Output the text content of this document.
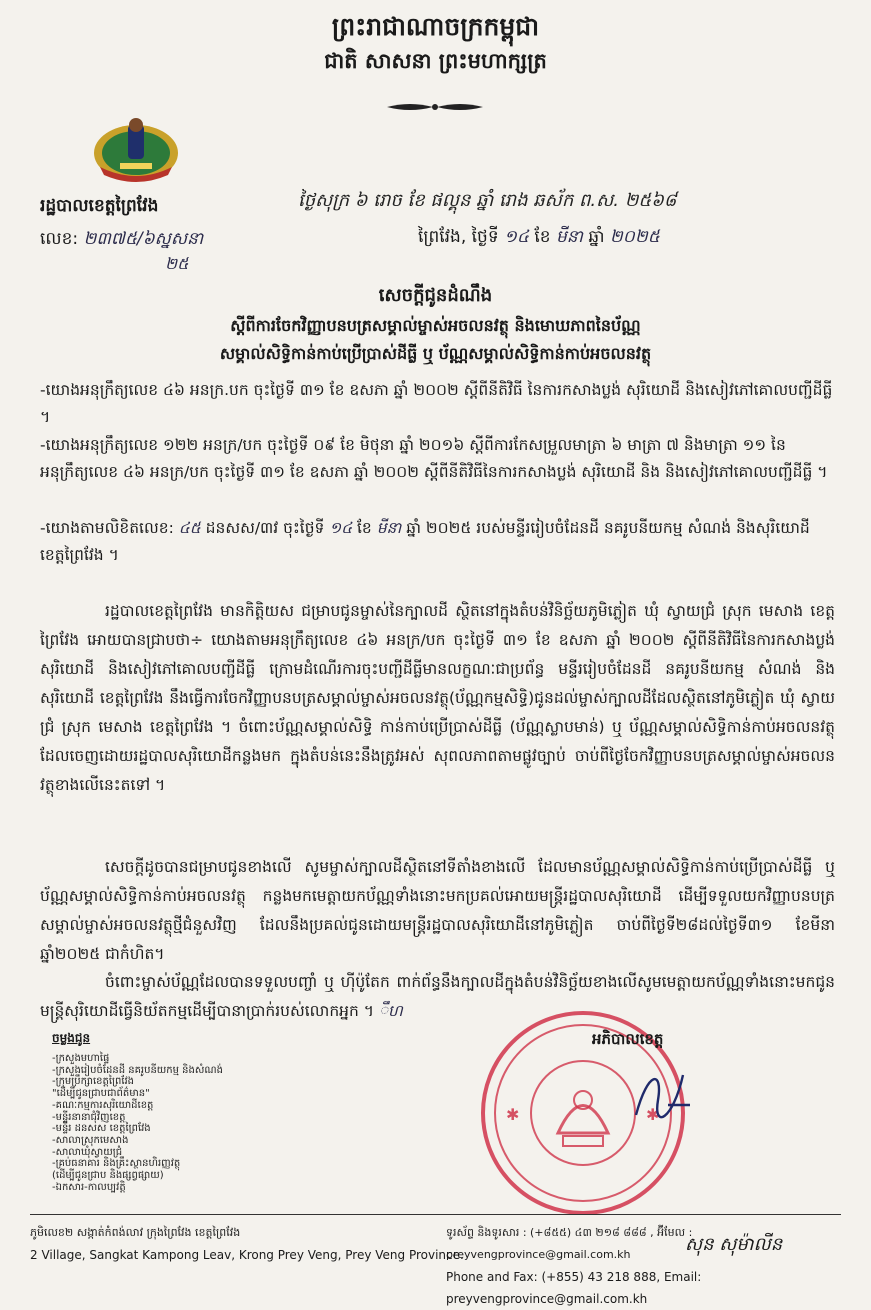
ព្រះរាជាណាចក្រកម្ពុជា
ជាតិ សាសនា ព្រះមហាក្សត្រ
រដ្ឋបាលខេត្តព្រៃវែង
លេខ: ២៣៧៥/៦ស្នសនា
២៥
ថ្ងៃសុក្រ ៦ រោច ខែ ផល្គុន ឆ្នាំ រោង ឆស័ក ព.ស. ២៥៦៨
ព្រៃវែង, ថ្ងៃទី ១៤ ខែ មីនា ឆ្នាំ ២០២៥
សេចក្តីជូនដំណឹង
ស្តីពីការចែកវិញ្ញាបនបត្រសម្គាល់ម្ចាស់អចលនវត្ថុ និងមោឃភាពនៃប័ណ្ណ
សម្គាល់សិទ្ធិកាន់កាប់ប្រើប្រាស់ដីធ្លី ឬ ប័ណ្ណសម្គាល់សិទ្ធិកាន់កាប់អចលនវត្ថុ
-យោងអនុក្រឹត្យលេខ ៤៦ អនក្រ.បក ចុះថ្ងៃទី ៣១ ខែ ឧសភា ឆ្នាំ ២០០២ ស្តីពីនីតិវិធី នៃការកសាងប្លង់ សុរិយោដី និងសៀវភៅគោលបញ្ជីដីធ្លី ។
-យោងអនុក្រឹត្យលេខ ១២២ អនក្រ/បក ចុះថ្ងៃទី ០៩ ខែ មិថុនា ឆ្នាំ ២០១៦ ស្តីពីការកែសម្រួលមាត្រា ៦ មាត្រា ៧ និងមាត្រា ១១ នៃអនុក្រឹត្យលេខ ៤៦ អនក្រ/បក ចុះថ្ងៃទី ៣១ ខែ ឧសភា ឆ្នាំ ២០០២ ស្តីពីនីតិវិធីនៃការកសាងប្លង់ សុរិយោដី និង និងសៀវភៅគោលបញ្ជីដីធ្លី ។
-យោងតាមលិខិតលេខ: ៤៥ ដនសស/៣វ ចុះថ្ងៃទី ១៤ ខែ មីនា ឆ្នាំ ២០២៥ របស់មន្ទីររៀបចំដែនដី នគរូបនីយកម្ម សំណង់ និងសុរិយោដី ខេត្តព្រៃវែង ។
រដ្ឋបាលខេត្តព្រៃវែង មានកិត្តិយស ជម្រាបជូនម្ចាស់នៃក្បាលដី ស្ថិតនៅក្នុងតំបន់វិនិច្ឆ័យភូមិភ្លៀត ឃុំ ស្វាយជ្រំ ស្រុក មេសាង ខេត្តព្រៃវែង អោយបានជ្រាបថា÷ យោងតាមអនុក្រឹត្យលេខ ៤៦ អនក្រ/បក ចុះថ្ងៃទី ៣១ ខែ ឧសភា ឆ្នាំ ២០០២ ស្តីពីនីតិវិធីនៃការកសាងប្លង់សុរិយោដី និងសៀវភៅគោលបញ្ជីដីធ្លី ក្រោមដំណើរការចុះបញ្ជីដីធ្លីមានលក្ខណៈជាប្រព័ន្ធ មន្ទីររៀបចំដែនដី នគរូបនីយកម្ម សំណង់ និងសុរិយោដី ខេត្តព្រៃវែង នឹងធ្វើការចែកវិញ្ញាបនបត្រសម្គាល់ម្ចាស់អចលនវត្ថុ(ប័ណ្ណកម្មសិទ្ធិ)ជូនដល់ម្ចាស់ក្បាលដីដែលស្ថិតនៅភូមិភ្លៀត ឃុំ ស្វាយជ្រំ ស្រុក មេសាង ខេត្តព្រៃវែង ។ ចំពោះប័ណ្ណសម្គាល់សិទ្ធិ កាន់កាប់ប្រើប្រាស់ដីធ្លី (ប័ណ្ណស្លាបមាន់) ឬ ប័ណ្ណសម្គាល់សិទ្ធិកាន់កាប់អចលនវត្ថុ ដែលចេញដោយរដ្ឋបាលសុរិយោដីកន្លងមក ក្នុងតំបន់នេះនឹងត្រូវអស់ សុពលភាពតាមផ្លូវច្បាប់ ចាប់ពីថ្ងៃចែកវិញ្ញាបនបត្រសម្គាល់ម្ចាស់អចលនវត្ថុខាងលើនេះតទៅ ។
សេចក្តីដូចបានជម្រាបជូនខាងលើ សូមម្ចាស់ក្បាលដីស្ថិតនៅទីតាំងខាងលើ ដែលមានប័ណ្ណសម្គាល់សិទ្ធិកាន់កាប់ប្រើប្រាស់ដីធ្លី ឬប័ណ្ណសម្គាល់សិទ្ធិកាន់កាប់អចលនវត្ថុ កន្លងមកមេត្តាយកប័ណ្ណទាំងនោះមកប្រគល់អោយមន្ត្រីរដ្ឋបាលសុរិយោដី ដើម្បីទទួលយកវិញ្ញាបនបត្រសម្គាល់ម្ចាស់អចលនវត្ថុថ្មីជំនួសវិញ ដែលនឹងប្រគល់ជូនដោយមន្ត្រីរដ្ឋបាលសុរិយោដីនៅភូមិភ្លៀត ចាប់ពីថ្ងៃទី២៨ដល់ថ្ងៃទី៣១ ខែមីនា ឆ្នាំ២០២៥ ជាកំហិត។
ចំពោះម្ចាស់ប័ណ្ណដែលបានទទួលបញ្ចាំ ឬ ហ៊ីប៉ូតែក ពាក់ព័ន្ធនឹងក្បាលដីក្នុងតំបន់វិនិច្ឆ័យខាងលើសូមមេត្តាយកប័ណ្ណទាំងនោះមកជូនមន្ត្រីសុរិយោដីធ្វើនិយ័តកម្មដើម្បីបានាប្រាក់របស់លោកអ្នក ។ ឹហ
ចម្លងជូន
-ក្រសួងមហាផ្ទៃ
-ក្រសួងរៀបចំដែនដី នគរូបនីយកម្ម និងសំណង់
-ក្រុមប្រឹក្សាខេត្តព្រៃវែង
"ដើម្បីជូនជ្រាបជាព័ត៌មាន"
-គណៈកម្មការសុរិយោដីខេត្ត
-មន្ទីរនានាជុំវិញខេត្ត
-មន្ទីរ ដនសស ខេត្តព្រៃវែង
-សាលាស្រុកមេសាង
-សាលាឃុំស្វាយជ្រំ
-គ្រប់ធនាគារ និងគ្រឹះស្ថានហិរញ្ញវត្ថុ
(ដើម្បីជូនជ្រាប និងផ្សព្វផ្សាយ)
-ឯកសារ-កាលប្បវត្តិ
✱	✱
អភិបាលខេត្ត
សុន សុម៉ាលីន
ភូមិលេខ២ សង្កាត់កំពង់លាវ ក្រុងព្រៃវែង ខេត្តព្រៃវែង
2 Village, Sangkat Kampong Leav, Krong Prey Veng, Prey Veng Province.
ទូរស័ព្ទ និងទូរសារ : (+៨៥៥) ៤៣ ២១៨ ៨៨៨ , អ៊ីមែល : preyvengprovince@gmail.com.kh
Phone and Fax: (+855) 43 218 888, Email: preyvengprovince@gmail.com.kh
